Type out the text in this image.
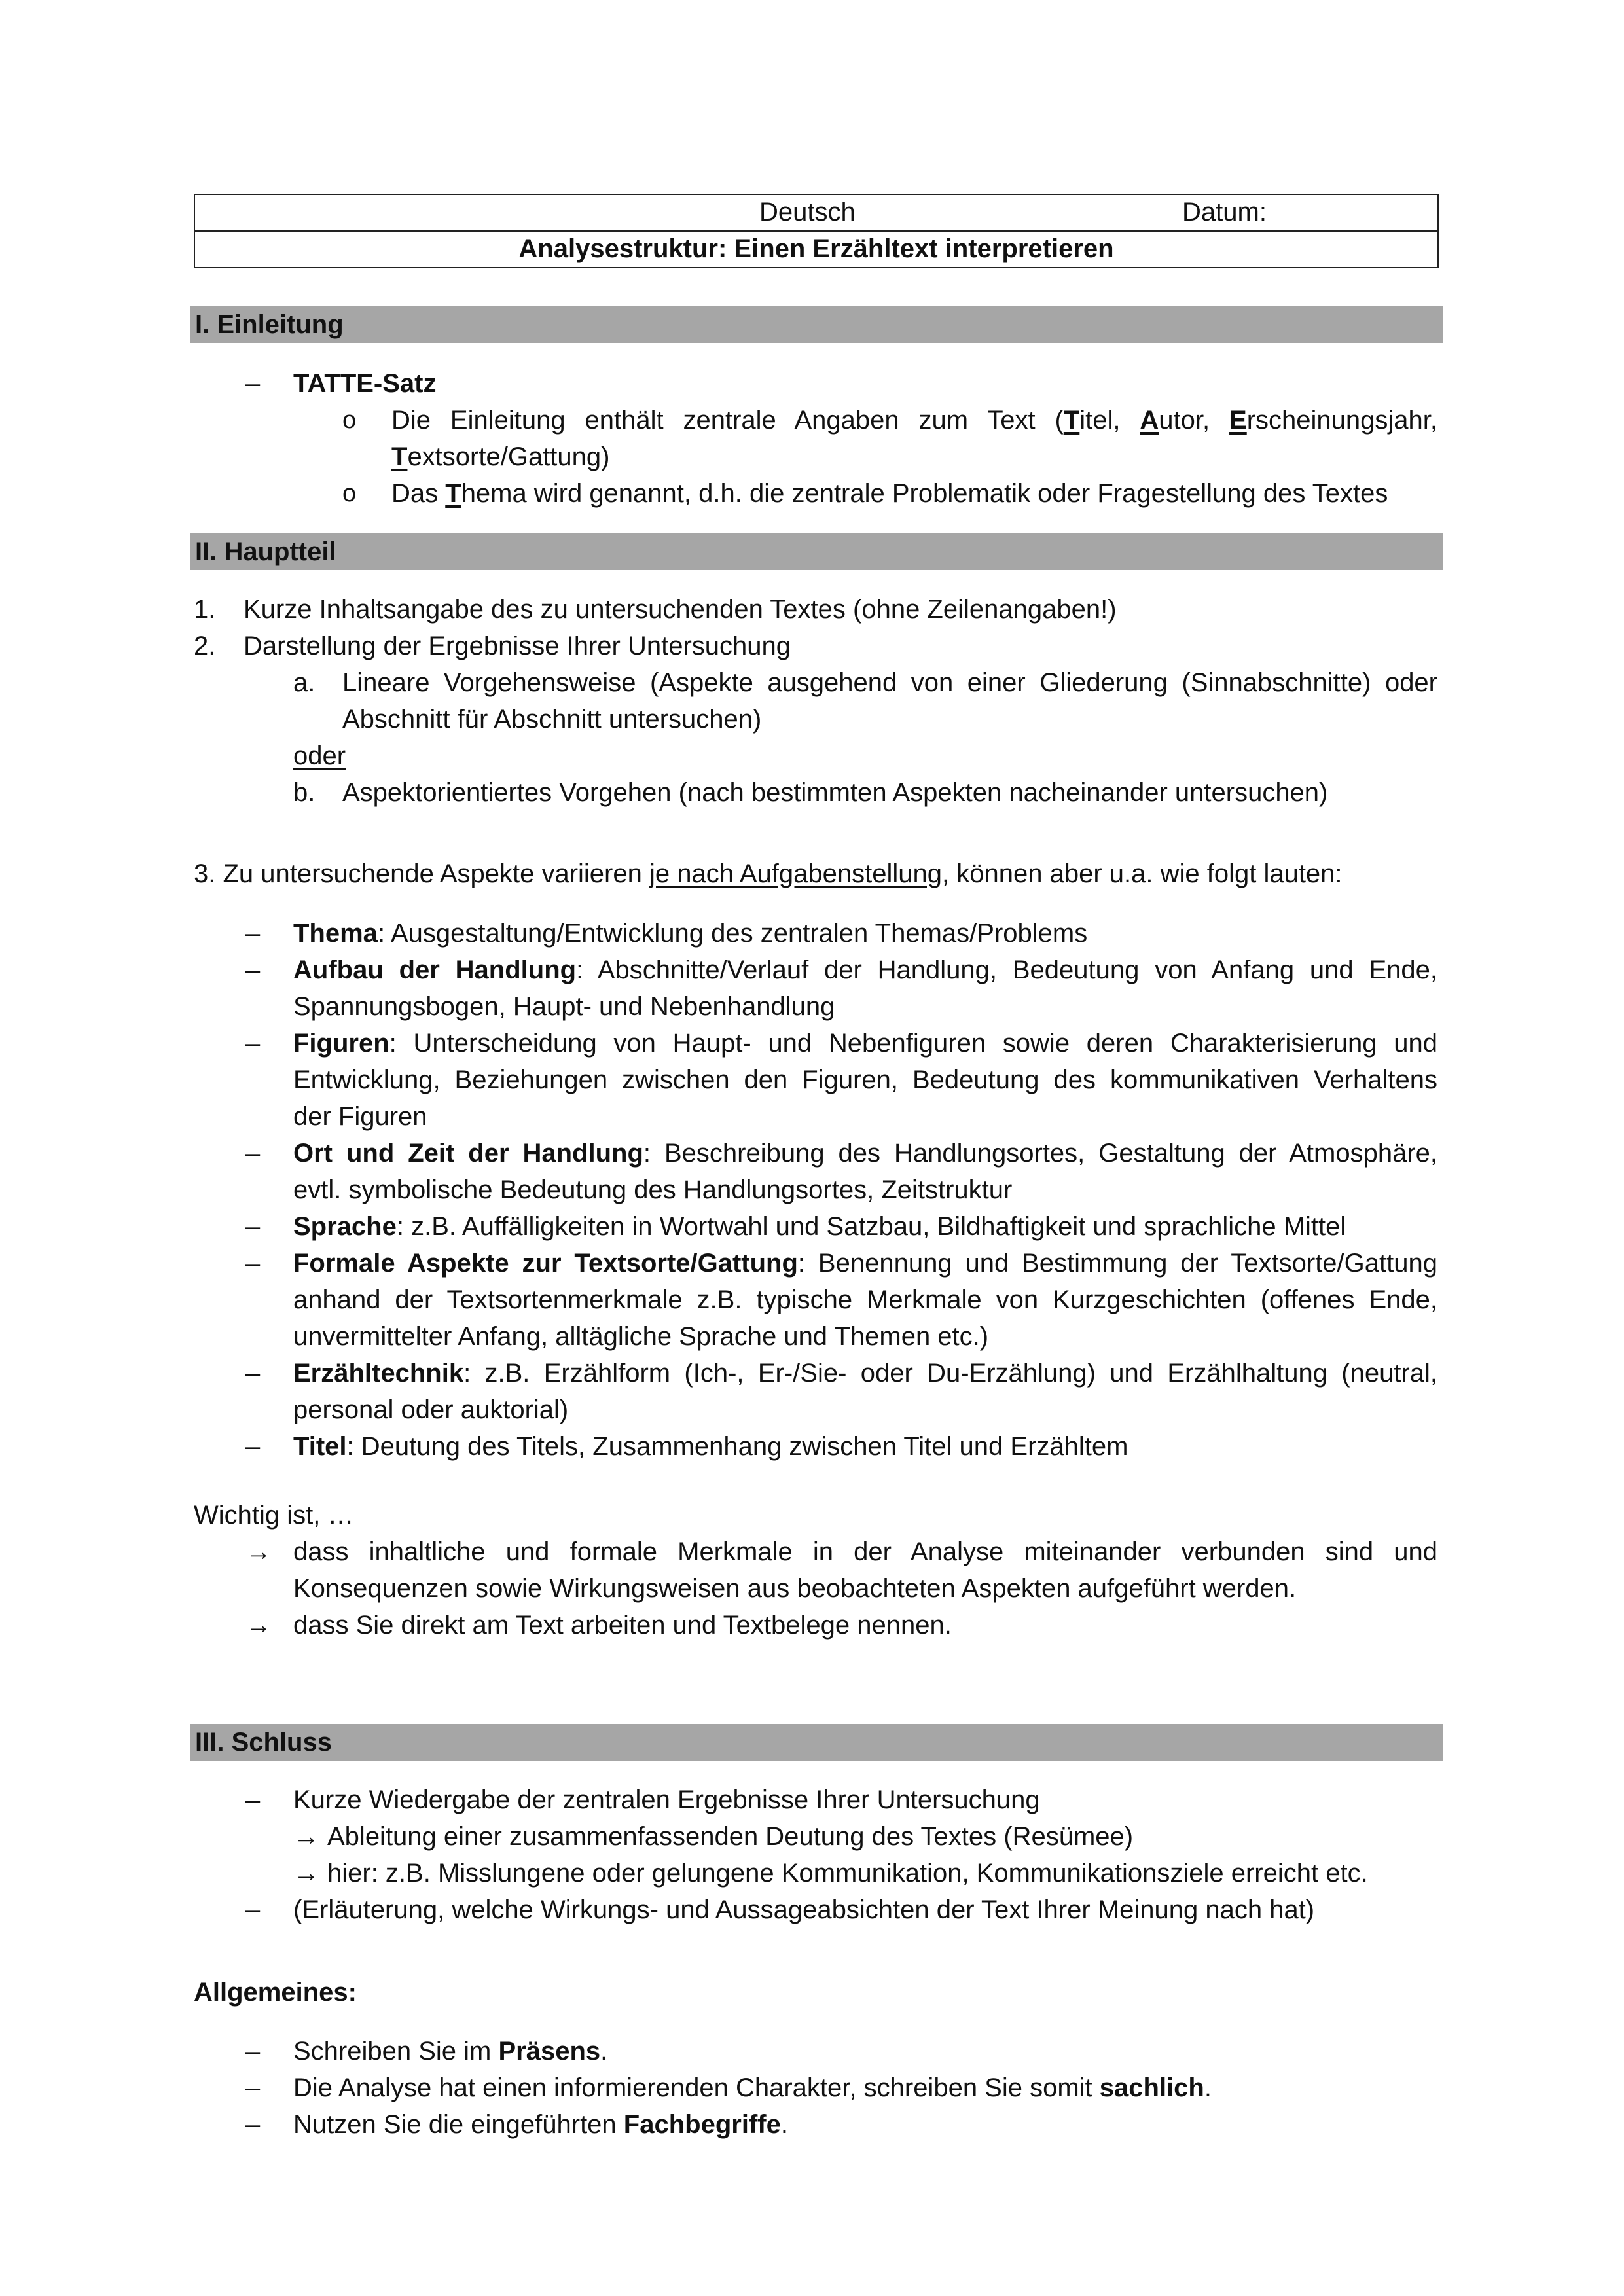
Deutsch	Datum:
Analysestruktur: Einen Erzähltext interpretieren
I. Einleitung
– TATTE-Satz
o Die Einleitung enthält zentrale Angaben zum Text (Titel, Autor, Erscheinungsjahr,
Textsorte/Gattung)
o Das Thema wird genannt, d.h. die zentrale Problematik oder Fragestellung des Textes
II. Hauptteil
1. Kurze Inhaltsangabe des zu untersuchenden Textes (ohne Zeilenangaben!)
2. Darstellung der Ergebnisse Ihrer Untersuchung
a. Lineare Vorgehensweise (Aspekte ausgehend von einer Gliederung (Sinnabschnitte) oder
Abschnitt für Abschnitt untersuchen)
oder
b. Aspektorientiertes Vorgehen (nach bestimmten Aspekten nacheinander untersuchen)
3. Zu untersuchende Aspekte variieren je nach Aufgabenstellung, können aber u.a. wie folgt lauten:
– Thema: Ausgestaltung/Entwicklung des zentralen Themas/Problems
– Aufbau der Handlung: Abschnitte/Verlauf der Handlung, Bedeutung von Anfang und Ende,
Spannungsbogen, Haupt- und Nebenhandlung
– Figuren: Unterscheidung von Haupt- und Nebenfiguren sowie deren Charakterisierung und
Entwicklung, Beziehungen zwischen den Figuren, Bedeutung des kommunikativen Verhaltens
der Figuren
– Ort und Zeit der Handlung: Beschreibung des Handlungsortes, Gestaltung der Atmosphäre,
evtl. symbolische Bedeutung des Handlungsortes, Zeitstruktur
– Sprache: z.B. Auffälligkeiten in Wortwahl und Satzbau, Bildhaftigkeit und sprachliche Mittel
– Formale Aspekte zur Textsorte/Gattung: Benennung und Bestimmung der Textsorte/Gattung
anhand der Textsortenmerkmale z.B. typische Merkmale von Kurzgeschichten (offenes Ende,
unvermittelter Anfang, alltägliche Sprache und Themen etc.)
– Erzähltechnik: z.B. Erzählform (Ich-, Er-/Sie- oder Du-Erzählung) und Erzählhaltung (neutral,
personal oder auktorial)
– Titel: Deutung des Titels, Zusammenhang zwischen Titel und Erzähltem
Wichtig ist, …
→ dass inhaltliche und formale Merkmale in der Analyse miteinander verbunden sind und
Konsequenzen sowie Wirkungsweisen aus beobachteten Aspekten aufgeführt werden.
→ dass Sie direkt am Text arbeiten und Textbelege nennen.
III. Schluss
– Kurze Wiedergabe der zentralen Ergebnisse Ihrer Untersuchung
→ Ableitung einer zusammenfassenden Deutung des Textes (Resümee)
→ hier: z.B. Misslungene oder gelungene Kommunikation, Kommunikationsziele erreicht etc.
– (Erläuterung, welche Wirkungs- und Aussageabsichten der Text Ihrer Meinung nach hat)
Allgemeines:
– Schreiben Sie im Präsens.
– Die Analyse hat einen informierenden Charakter, schreiben Sie somit sachlich.
– Nutzen Sie die eingeführten Fachbegriffe.
